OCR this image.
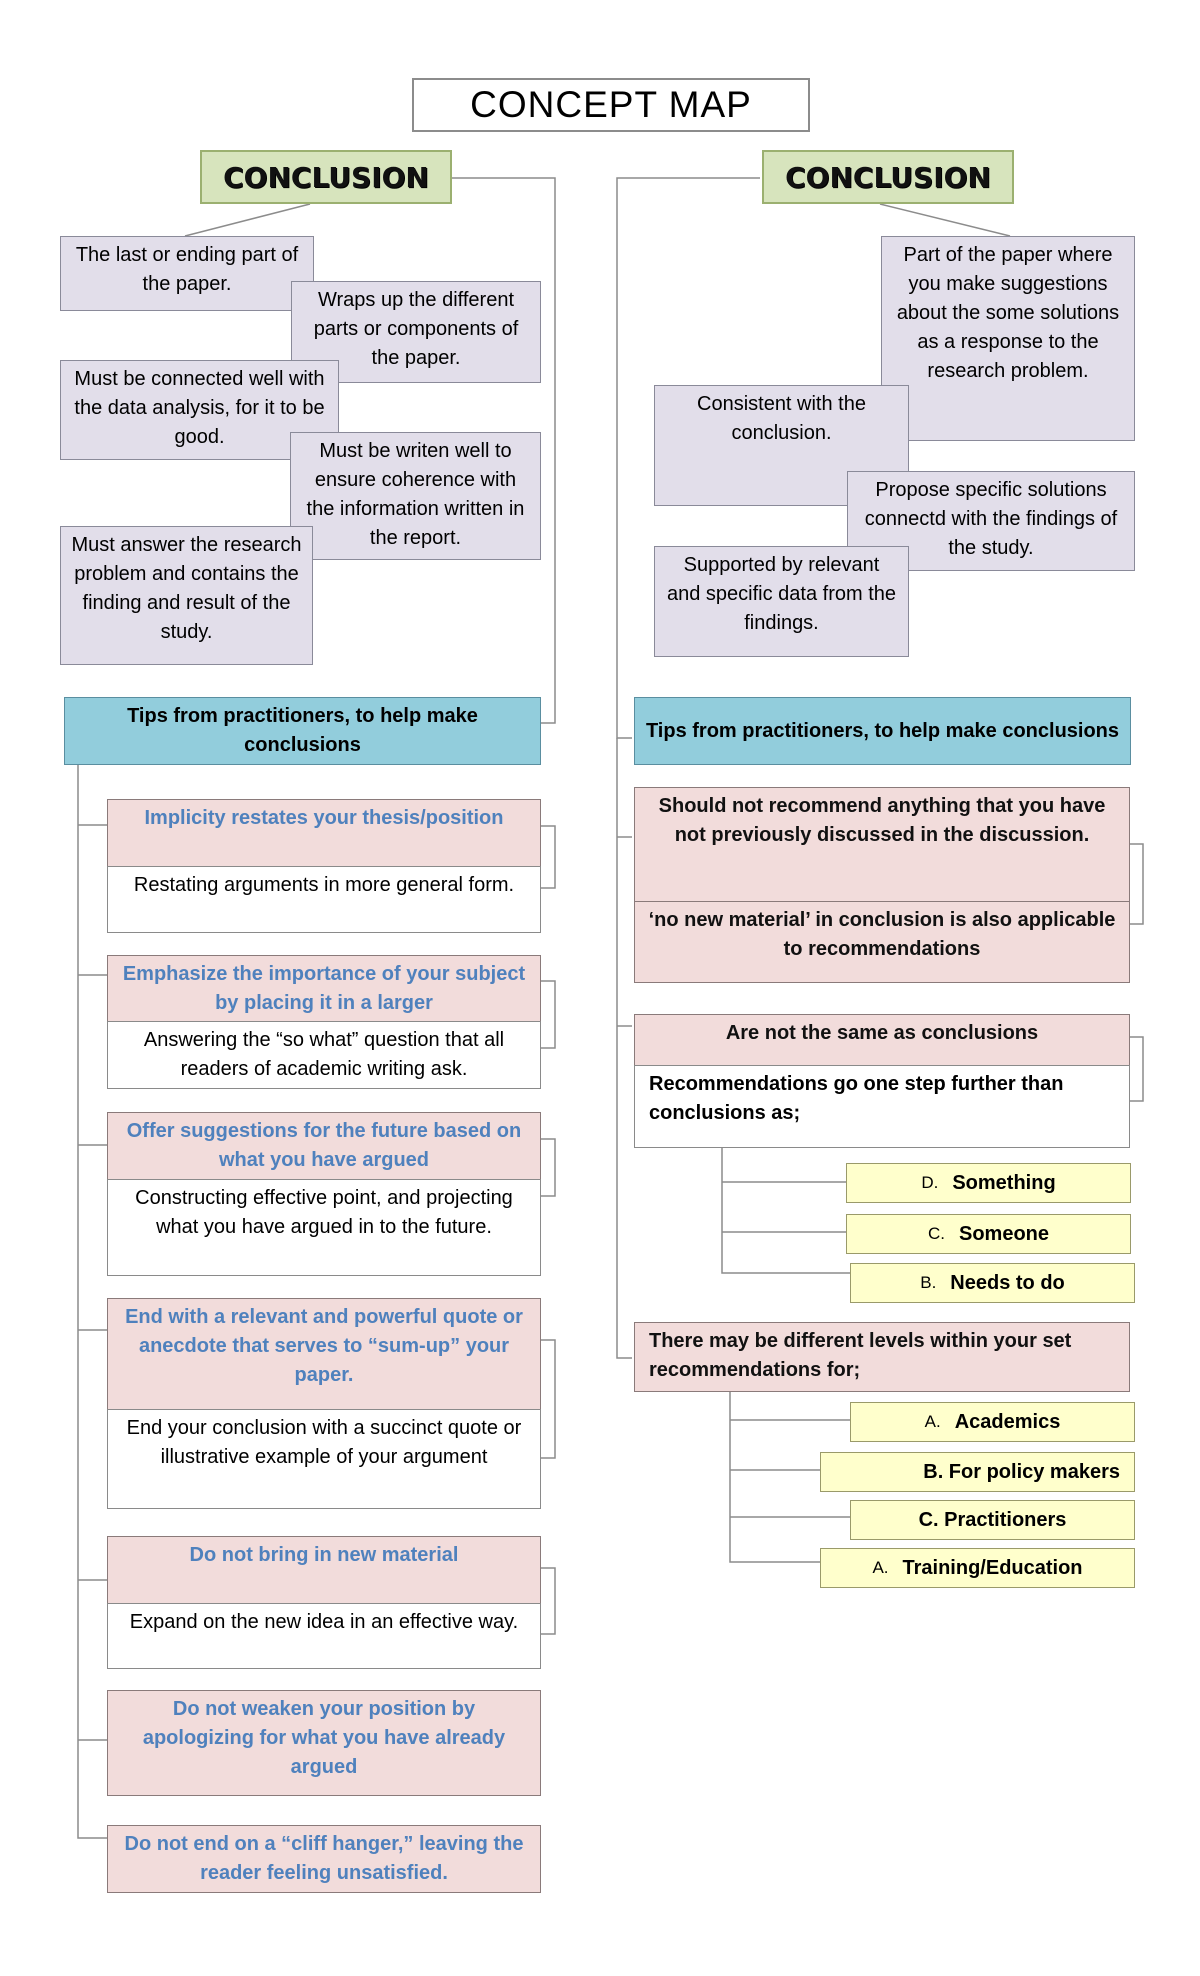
CONCEPT MAP
CONCLUSION
The last or ending part of the paper.
Wraps up the different parts or components of the paper.
Must be connected well with the data analysis, for it to be good.
Must be writen well to ensure coherence with the information written in the report.
Must answer the research problem and contains the finding and result of the study.
Tips from practitioners, to help make conclusions
Implicity restates your thesis/position
Restating arguments in more general form.
Emphasize the importance of your subject by placing it in a larger
Answering the “so what” question that all readers of academic writing ask.
Offer suggestions for the future based on what you have argued
Constructing effective point, and projecting what you have argued in to the future.
End with a relevant and powerful quote or anecdote that serves to “sum-up” your paper.
End your conclusion with a succinct quote or illustrative example of your argument
Do not bring in new material
Expand on the new idea in an effective way.
Do not weaken your position by apologizing for what you have already argued
Do not end on a “cliff hanger,” leaving the reader feeling unsatisfied.
CONCLUSION
Part of the paper where you make suggestions about the some solutions as a response to the research problem.
Consistent with the conclusion.
Propose specific solutions connectd with the findings of the study.
Supported by relevant and specific data from the findings.
Tips from practitioners, to help make conclusions
Should not recommend anything that you have not previously discussed in the discussion.
‘no new material’ in conclusion is also applicable to recommendations
Are not the same as conclusions
Recommendations go one step further than conclusions as;
D. Something
C. Someone
B. Needs to do
There may be different levels within your set recommendations for;
A. Academics
B. For policy makers
C. Practitioners
A. Training/Education
